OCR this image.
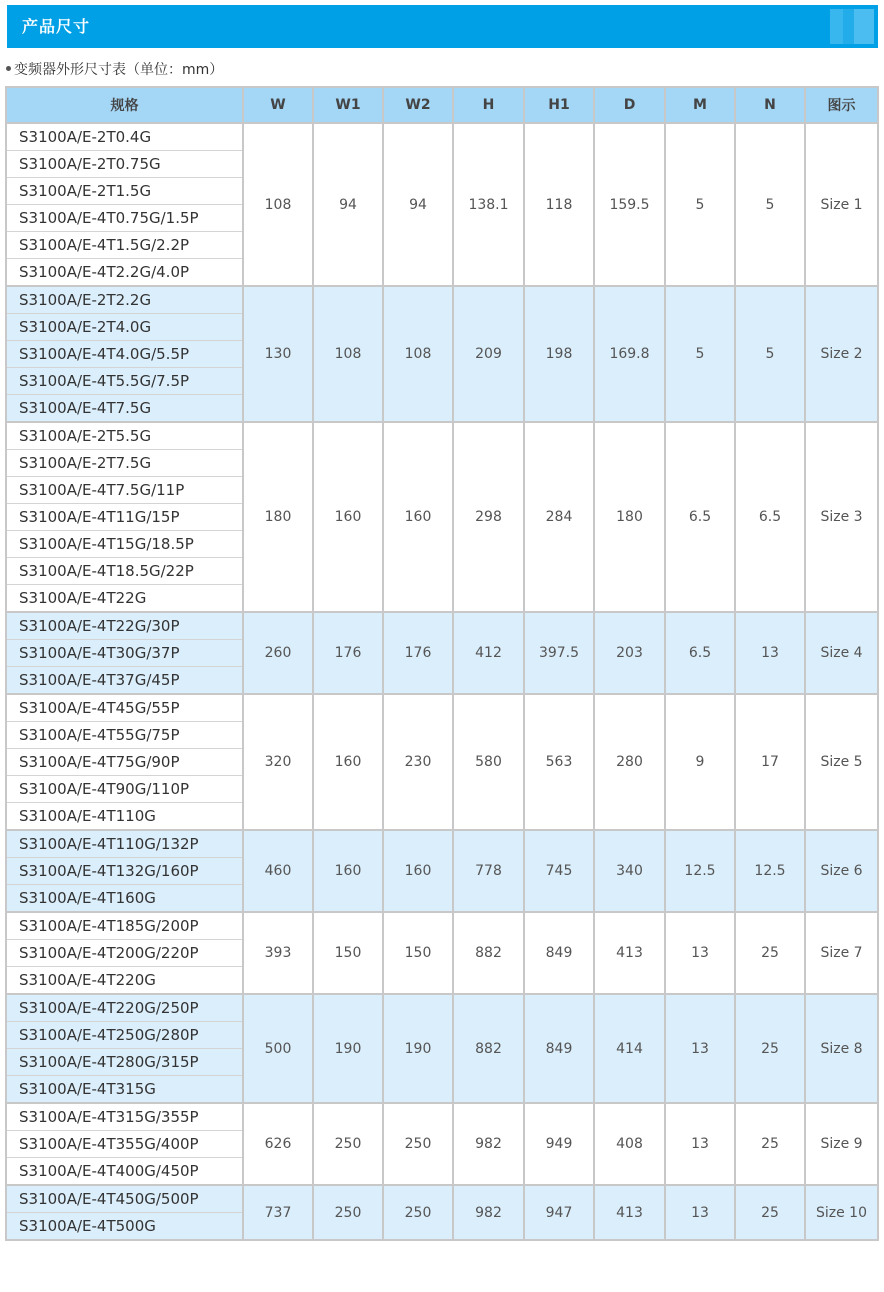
产品尺寸
变频器外形尺寸表（单位：mm）
规格	W	W1	W2	H	H1	D	M	N	图示
S3100A/E-2T0.4G	108	94	94	138.1	118	159.5	5	5	Size 1
S3100A/E-2T0.75G									
S3100A/E-2T1.5G									
S3100A/E-4T0.75G/1.5P									
S3100A/E-4T1.5G/2.2P									
S3100A/E-4T2.2G/4.0P									
S3100A/E-2T2.2G	130	108	108	209	198	169.8	5	5	Size 2
S3100A/E-2T4.0G									
S3100A/E-4T4.0G/5.5P									
S3100A/E-4T5.5G/7.5P									
S3100A/E-4T7.5G									
S3100A/E-2T5.5G	180	160	160	298	284	180	6.5	6.5	Size 3
S3100A/E-2T7.5G									
S3100A/E-4T7.5G/11P									
S3100A/E-4T11G/15P									
S3100A/E-4T15G/18.5P									
S3100A/E-4T18.5G/22P									
S3100A/E-4T22G									
S3100A/E-4T22G/30P	260	176	176	412	397.5	203	6.5	13	Size 4
S3100A/E-4T30G/37P									
S3100A/E-4T37G/45P									
S3100A/E-4T45G/55P	320	160	230	580	563	280	9	17	Size 5
S3100A/E-4T55G/75P									
S3100A/E-4T75G/90P									
S3100A/E-4T90G/110P									
S3100A/E-4T110G									
S3100A/E-4T110G/132P	460	160	160	778	745	340	12.5	12.5	Size 6
S3100A/E-4T132G/160P									
S3100A/E-4T160G									
S3100A/E-4T185G/200P	393	150	150	882	849	413	13	25	Size 7
S3100A/E-4T200G/220P									
S3100A/E-4T220G									
S3100A/E-4T220G/250P	500	190	190	882	849	414	13	25	Size 8
S3100A/E-4T250G/280P									
S3100A/E-4T280G/315P									
S3100A/E-4T315G									
S3100A/E-4T315G/355P	626	250	250	982	949	408	13	25	Size 9
S3100A/E-4T355G/400P									
S3100A/E-4T400G/450P									
S3100A/E-4T450G/500P	737	250	250	982	947	413	13	25	Size 10
S3100A/E-4T500G									
